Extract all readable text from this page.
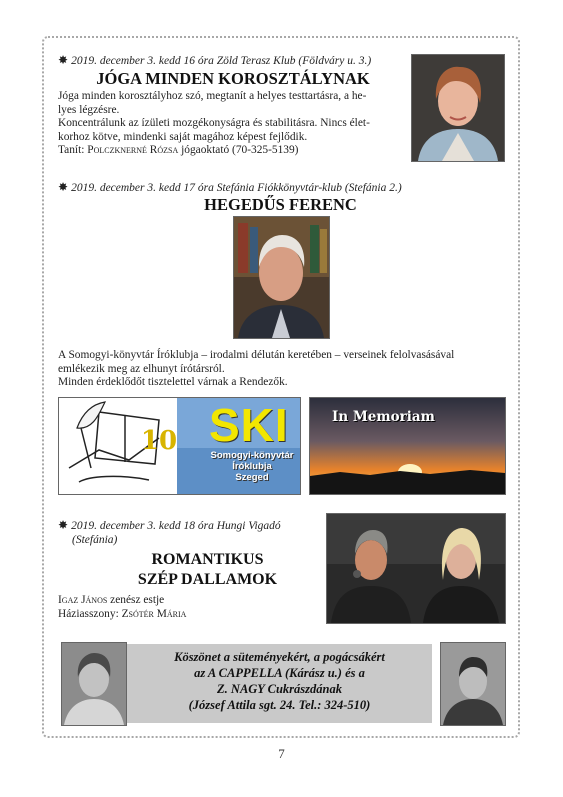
✸ 2019. december 3. kedd 16 óra Zöld Terasz Klub (Földváry u. 3.)
JÓGA MINDEN KOROSZTÁLYNAK
Jóga minden korosztályhoz szó, megtanít a helyes testtartásra, a he-
lyes légzésre.
Koncentrálunk az ízületi mozgékonyságra és stabilitásra. Nincs élet-
korhoz kötve, mindenki saját magához képest fejlődik.
Tanít: Polczknerné Rózsa jógaoktató (70-325-5139)
✸ 2019. december 3. kedd 17 óra Stefánia Fiókkönyvtár-klub (Stefánia 2.)
HEGEDŰS FERENC
A Somogyi-könyvtár Íróklubja – irodalmi délután keretében – verseinek felolvasásával
emlékezik meg az elhunyt írótársról.
Minden érdeklődőt tisztelettel várnak a Rendezők.
10 SKI
Somogyi-könyvtár
Íróklubja
Szeged
In Memoriam
✸ 2019. december 3. kedd 18 óra Hungi Vigadó
(Stefánia)
ROMANTIKUS
SZÉP DALLAMOK
Igaz János zenész estje
Háziasszony: Zsótér Mária
Köszönet a süteményekért, a pogácsákért
az A CAPPELLA (Kárász u.) és a
Z. NAGY Cukrászdának
(József Attila sgt. 24. Tel.: 324-510)
7
